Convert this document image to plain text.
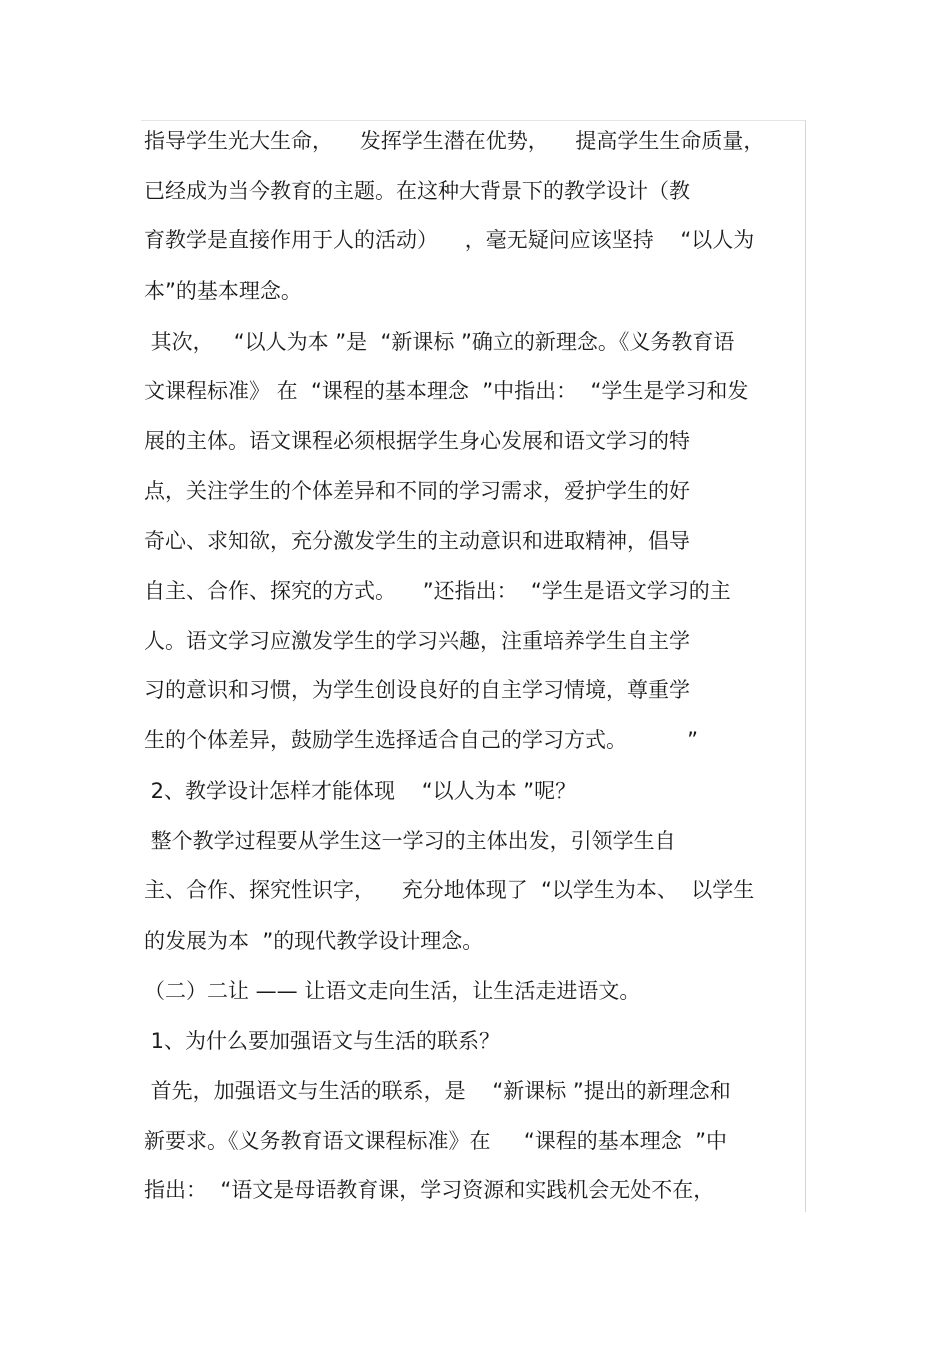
指导学生光大生命，    发挥学生潜在优势，    提高学生生命质量，
已经成为当今教育的主题。在这种大背景下的教学设计（教
育教学是直接作用于人的活动）    ，毫无疑问应该坚持    “以人为
本”的基本理念。
其次，   “以人为本 ”是  “新课标 ”确立的新理念。《义务教育语
文课程标准》 在  “课程的基本理念  ”中指出：  “学生是学习和发
展的主体。语文课程必须根据学生身心发展和语文学习的特
点，关注学生的个体差异和不同的学习需求，爱护学生的好
奇心、求知欲，充分激发学生的主动意识和进取精神，倡导
自主、合作、探究的方式。    ”还指出：  “学生是语文学习的主
人。语文学习应激发学生的学习兴趣，注重培养学生自主学
习的意识和习惯，为学生创设良好的自主学习情境，尊重学
生的个体差异，鼓励学生选择适合自己的学习方式。         ”
2、教学设计怎样才能体现    “以人为本 ”呢？
整个教学过程要从学生这一学习的主体出发，引领学生自
主、合作、探究性识字，    充分地体现了  “以学生为本、  以学生
的发展为本  ”的现代教学设计理念。
（二）二让 —— 让语文走向生活，让生活走进语文。
1、为什么要加强语文与生活的联系？
首先，加强语文与生活的联系，是    “新课标 ”提出的新理念和
新要求。《义务教育语文课程标准》在     “课程的基本理念  ”中
指出：  “语文是母语教育课，学习资源和实践机会无处不在，
